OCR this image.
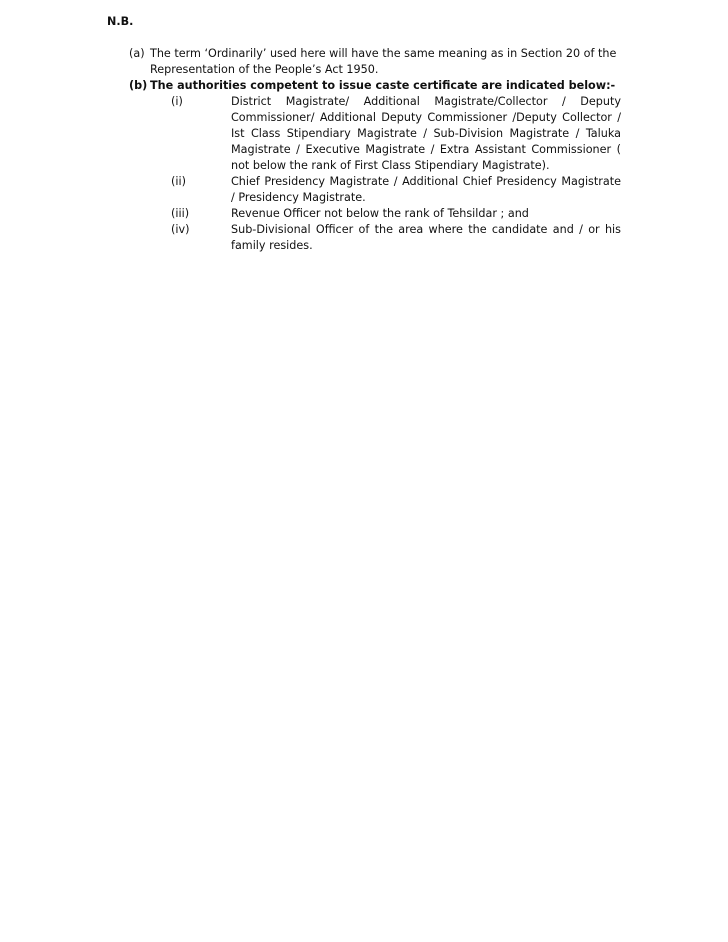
N.B.
(a) The term ‘Ordinarily’ used here will have the same meaning as in Section 20 of the Representation of the People’s Act 1950.
(b) The authorities competent to issue caste certificate are indicated below:-
(i)	District Magistrate/ Additional Magistrate/Collector / Deputy Commissioner/ Additional Deputy Commissioner /Deputy Collector / Ist Class Stipendiary Magistrate / Sub-Division Magistrate / Taluka Magistrate / Executive Magistrate / Extra Assistant Commissioner ( not below the rank of First Class Stipendiary Magistrate).
(ii)	Chief Presidency Magistrate / Additional Chief Presidency Magistrate / Presidency Magistrate.
(iii)	Revenue Officer not below the rank of Tehsildar ; and
(iv)	Sub-Divisional Officer of the area where the candidate and / or his family resides.
